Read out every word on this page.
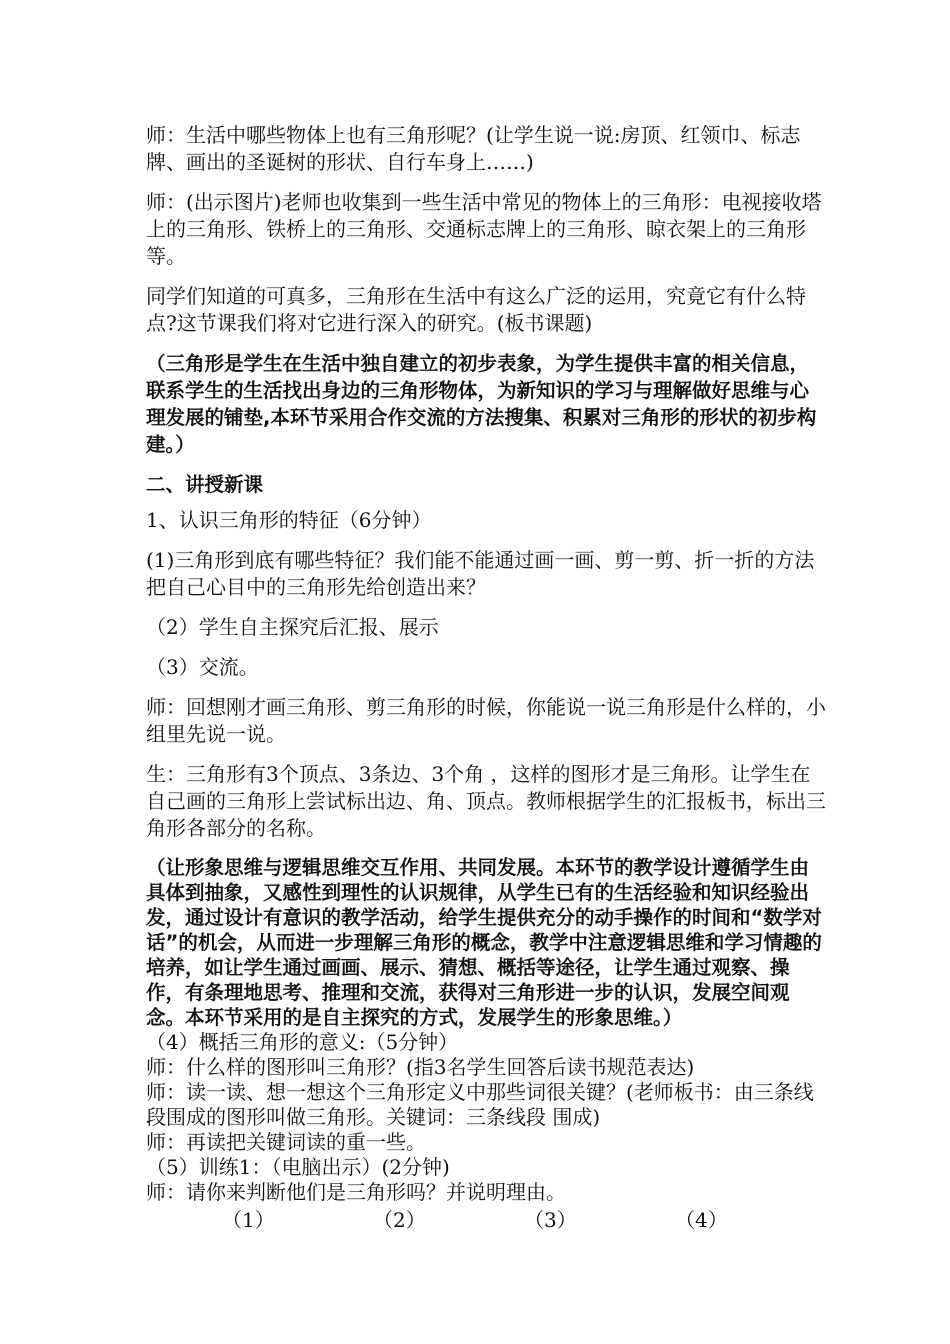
师：生活中哪些物体上也有三角形呢？(让学生说一说:房顶、红领巾、标志牌、画出的圣诞树的形状、自行车身上……)

师：(出示图片)老师也收集到一些生活中常见的物体上的三角形：电视接收塔上的三角形、铁桥上的三角形、交通标志牌上的三角形、晾衣架上的三角形等。

同学们知道的可真多，三角形在生活中有这么广泛的运用，究竟它有什么特点?这节课我们将对它进行深入的研究。(板书课题)

（三角形是学生在生活中独自建立的初步表象，为学生提供丰富的相关信息，联系学生的生活找出身边的三角形物体，为新知识的学习与理解做好思维与心理发展的铺垫,本环节采用合作交流的方法搜集、积累对三角形的形状的初步构建。）

二、讲授新课

1、认识三角形的特征（6分钟）

(1)三角形到底有哪些特征？我们能不能通过画一画、剪一剪、折一折的方法把自己心目中的三角形先给创造出来？

（2）学生自主探究后汇报、展示

（3）交流。

师：回想刚才画三角形、剪三角形的时候，你能说一说三角形是什么样的，小组里先说一说。

生：三角形有3个顶点、3条边、3个角 ，这样的图形才是三角形。让学生在自己画的三角形上尝试标出边、角、顶点。教师根据学生的汇报板书，标出三角形各部分的名称。

（让形象思维与逻辑思维交互作用、共同发展。本环节的教学设计遵循学生由具体到抽象，又感性到理性的认识规律，从学生已有的生活经验和知识经验出发，通过设计有意识的教学活动，给学生提供充分的动手操作的时间和“数学对话”的机会，从而进一步理解三角形的概念，教学中注意逻辑思维和学习情趣的培养，如让学生通过画画、展示、猜想、概括等途径，让学生通过观察、操作，有条理地思考、推理和交流，获得对三角形进一步的认识，发展空间观念。本环节采用的是自主探究的方式，发展学生的形象思维。）

（4）概括三角形的意义:（5分钟）

师：什么样的图形叫三角形？(指3名学生回答后读书规范表达)

师：读一读、想一想这个三角形定义中那些词很关键？(老师板书：由三条线段围成的图形叫做三角形。关键词：三条线段 围成)

师：再读把关键词读的重一些。

（5）训练1：（电脑出示）(2分钟)

师：请你来判断他们是三角形吗？并说明理由。

（1）	（2）	（3）	（4）
